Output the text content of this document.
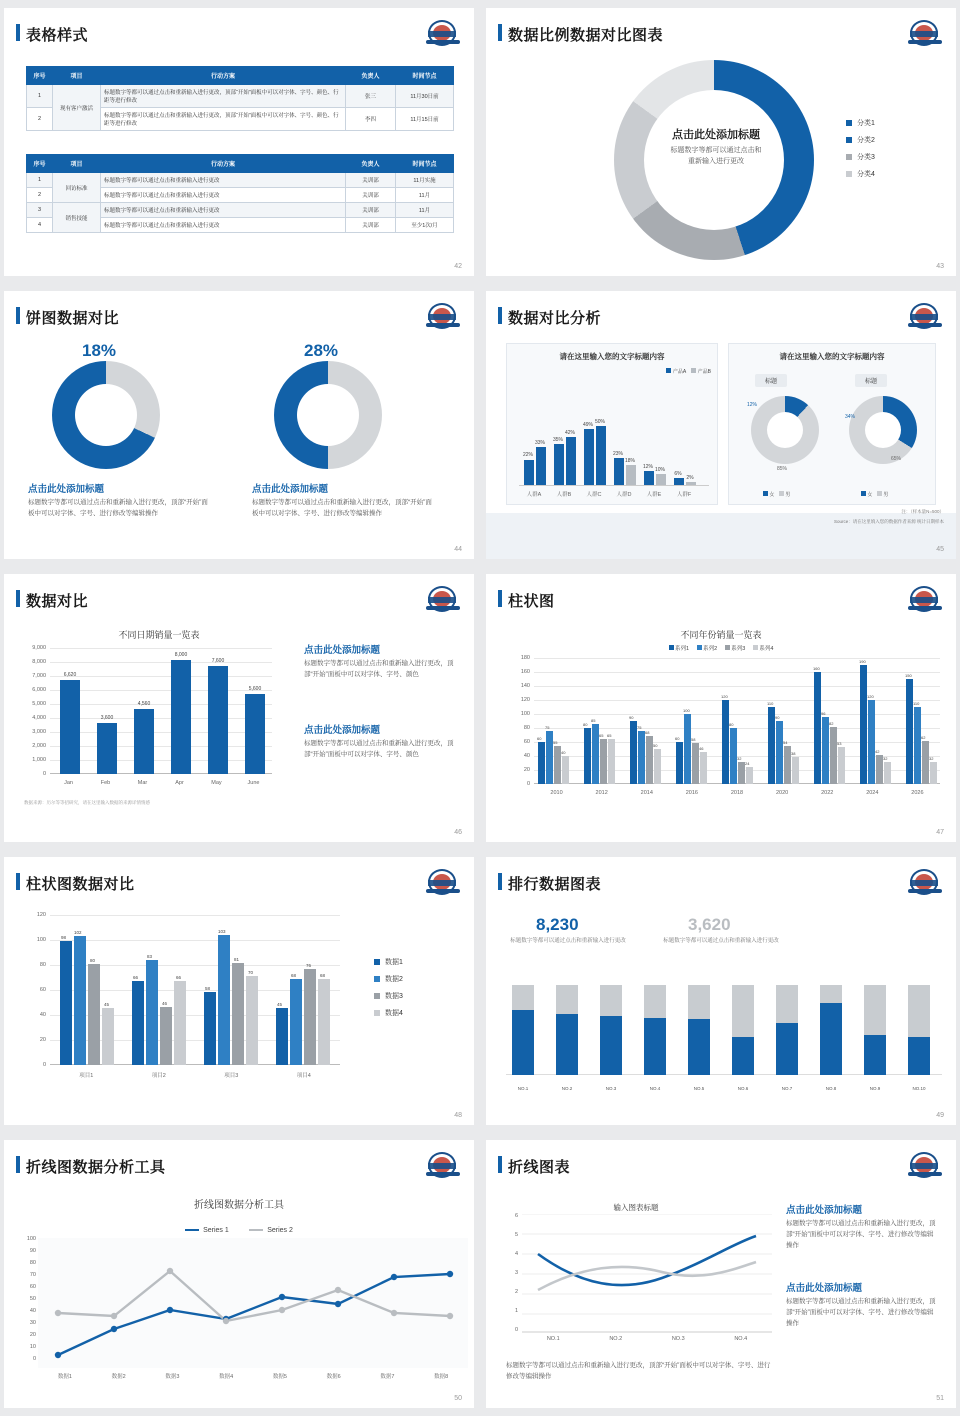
表格样式
序号	项目	行动方案	负责人	时间节点
1	现有客户激活	标题数字等都可以通过点击和重新输入进行更改，顶部“开始”面板中可以对字体、字号、颜色、行距等进行修改	张三	11月30日前
2		标题数字等都可以通过点击和重新输入进行更改，顶部“开始”面板中可以对字体、字号、颜色、行距等进行修改	李四	11月15日前
序号	项目	行动方案	负责人	时间节点
1	回访标准	标题数字等都可以通过点击和重新输入进行更改	关训部	11月实施
2		标题数字等都可以通过点击和重新输入进行更改	关训部	11月
3	销售技能	标题数字等都可以通过点击和重新输入进行更改	关训部	11月
4		标题数字等都可以通过点击和重新输入进行更改	关训部	至少1次/月
42
数据比例数据对比图表
点击此处添加标题
标题数字等都可以通过点击和
重新输入进行更改
分类1
分类2
分类3
分类4
43
饼图数据对比
18%
点击此处添加标题
标题数字等都可以通过点击和重新输入进行更改，顶部“开始”面板中可以对字体、字号、进行修改等编辑操作
28%
点击此处添加标题
标题数字等都可以通过点击和重新输入进行更改，顶部“开始”面板中可以对字体、字号、进行修改等编辑操作
44
数据对比分析
请在这里输入您的文字标题内容
产品A 产品B
22%
33%
35%
42%
49%
50%
23%
18%
12%
10%
6%
2%
人群A	人群B	人群C	人群D	人群E	人群F
请在这里输入您的文字标题内容
标题	标题
12%
85%
34%
65%
女 男	女 男
注：（样本量N=500）
Source：请在这里填入您的数据作者来源 统计日期样本
45
数据对比
不同日期销量一览表
9,000
8,000
7,000
6,000
5,000
4,000
3,000
2,000
1,000
0
6,620
3,600
4,560
8,000
7,600
5,600
Jan	Feb	Mar	Apr	May	June
数据来源：历尔等等招研究，请在这里输入数据的来源详情情感
点击此处添加标题
标题数字等都可以通过点击和重新输入进行更改，顶部“开始”面板中可以对字体、字号、颜色
点击此处添加标题
标题数字等都可以通过点击和重新输入进行更改，顶部“开始”面板中可以对字体、字号、颜色
46
柱状图
不同年份销量一览表
系列1	系列2	系列3	系列4
180
160
140
120
100
80
60
40
20
0
60
75
55
40
80
85
65 65
90
75
68
50
60
100
58
46
120
80
32
24
110
90
54
38
160
96
82
53
190
120
42
32
150
110
62
32
2010	2012	2014	2016	2018	2020	2022	2024	2026
47
柱状图数据对比
120
100
80
60
40
20
0
98
102
80
45
66
83
46
66
58
103
81
70
45
68
76
68
项目1	项目2	项目3	项目4
数据1
数据2
数据3
数据4
48
排行数据图表
8,230
标题数字等都可以通过点击和重新输入进行更改
3,620
标题数字等都可以通过点击和重新输入进行更改
NO.1	NO.2	NO.3	NO.4	NO.5	NO.6	NO.7	NO.8	NO.9	NO.10
49
折线图数据分析工具
折线图数据分析工具
Series 1
	Series 2
100
90
80
70
60
50
40
30
20
10
0
数据1	数据2	数据3	数据4	数据5	数据6	数据7	数据8
50
折线图表
输入图表标题
6
5
4
3
2
1
0
NO.1	NO.2	NO.3	NO.4
点击此处添加标题
标题数字等都可以通过点击和重新输入进行更改，顶部“开始”面板中可以对字体、字号、进行修改等编辑操作
点击此处添加标题
标题数字等都可以通过点击和重新输入进行更改，顶部“开始”面板中可以对字体、字号、进行修改等编辑操作
标题数字等都可以通过点击和重新输入进行更改，顶部“开始”面板中可以对字体、字号、进行修改等编辑操作
51
